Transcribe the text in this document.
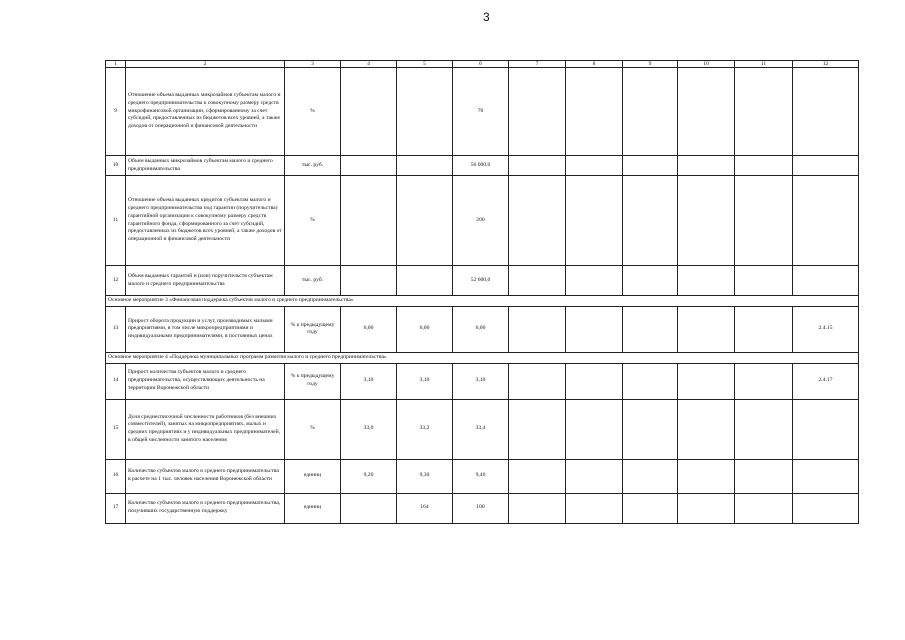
3
1	2	3	4	5	6	7	8	9	10	11	12
9	Отношение объема выданных микрозаймов субъектам малого и среднего предпринимательства к совокупному размеру средств микрофинансовой организации, сформированному за счет субсидий, предоставленных из бюджетов всех уровней, а также доходов от операционной и финансовой деятельности	%			70						
10	Объем выданных микрозаймов субъектам малого и среднего предпринимательства	тыс. руб.			56 000,0						
11	Отношение объема выданных кредитов субъектам малого и среднего предпринимательства под гарантии (поручительства) гарантийной организации к совокупному размеру средств гарантийного фонда, сформированного за счет субсидий, предоставленных из бюджетов всех уровней, а также доходов от операционной и финансовой деятельности	%			200						
12	Объем выданных гарантий и (или) поручительств субъектам малого и среднего предпринимательства	тыс. руб.			52 600,0						
Основное мероприятие 3 «Финансовая поддержка субъектов малого и среднего предпринимательства»											
13	Прирост оборота продукции и услуг, производимых малыми предприятиями, в том числе микропредприятиями и индивидуальными предпринимателями, в постоянных ценах	% к предыдущему году	6,00	6,00	6,00						2.4.15
Основное мероприятие 4 «Поддержка муниципальных программ развития малого и среднего предпринимательства»											
14	Прирост количества субъектов малого и среднего предпринимательства, осуществляющих деятельность на территории Воронежской области	% к предыдущему году	3,10	3,10	3,10						2.4.17
15	Доля среднесписочной численности работников (без внешних совместителей), занятых на микропредприятиях, малых и средних предприятиях и у индивидуальных предпринимателей, в общей численности занятого населения	%	33,0	33,2	33,4						
16	Количество субъектов малого и среднего предпринимательства в расчете на 1 тыс. человек населения Воронежской области	единиц	9,20	9,30	9,40						
17	Количество субъектов малого и среднего предпринимательства, получивших государственную поддержку	единиц		164	100						
